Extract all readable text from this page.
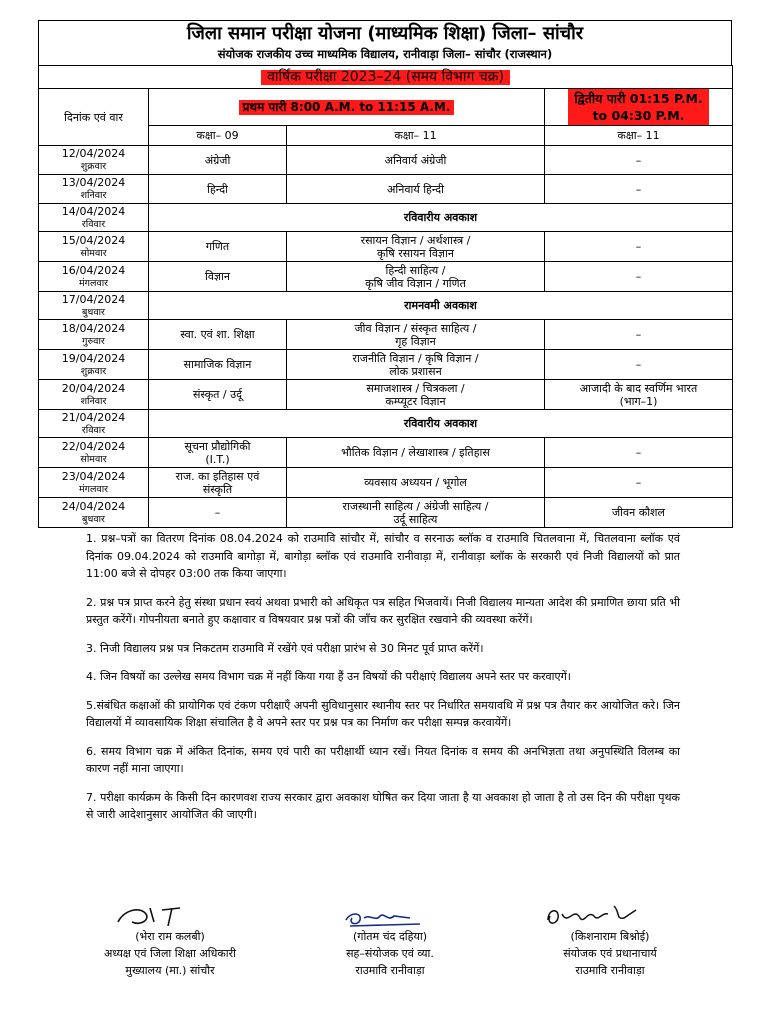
जिला समान परीक्षा योजना (माध्यमिक शिक्षा) जिला– सांचौर
संयोजक राजकीय उच्च माध्यमिक विद्यालय, रानीवाड़ा जिला– सांचौर (राजस्थान)
वार्षिक परीक्षा 2023–24 (समय विभाग चक्र)			
दिनांक एवं वार	प्रथम पारी 8:00 A.M. to 11:15 A.M.		द्वितीय पारी 01:15 P.M.
to 04:30 P.M.
	कक्षा– 09	कक्षा– 11	कक्षा– 11

12/04/2024
शुक्रवार	अंग्रेजी	अनिवार्य अंग्रेजी	–

13/04/2024
शनिवार	हिन्दी	अनिवार्य हिन्दी	–

14/04/2024
रविवार	रविवारीय अवकाश		

15/04/2024
सोमवार	गणित	रसायन विज्ञान / अर्थशास्त्र /
कृषि रसायन विज्ञान	–

16/04/2024
मंगलवार	विज्ञान	हिन्दी साहित्य /
कृषि जीव विज्ञान / गणित	–

17/04/2024
बुधवार	रामनवमी अवकाश		

18/04/2024
गुरुवार	स्वा. एवं शा. शिक्षा	जीव विज्ञान / संस्कृत साहित्य /
गृह विज्ञान	–

19/04/2024
शुक्रवार	सामाजिक विज्ञान	राजनीति विज्ञान / कृषि विज्ञान /
लोक प्रशासन	–

20/04/2024
शनिवार	संस्कृत / उर्दू	समाजशास्त्र / चित्रकला /
कम्प्यूटर विज्ञान	आजादी के बाद स्वर्णिम भारत
(भाग–1)

21/04/2024
रविवार	रविवारीय अवकाश		

22/04/2024
सोमवार	सूचना प्रौद्योगिकी
(I.T.)	भौतिक विज्ञान / लेखाशास्त्र / इतिहास	–

23/04/2024
मंगलवार	राज. का इतिहास एवं
संस्कृति	व्यवसाय अध्ययन / भूगोल	–

24/04/2024
बुधवार	–	राजस्थानी साहित्य / अंग्रेजी साहित्य /
उर्दू साहित्य	जीवन कौशल

1. प्रश्न–पत्रों का वितरण दिनांक 08.04.2024 को राउमावि सांचौर में, सांचौर व सरनाऊ ब्लॉक व राउमावि चितलवाना में, चितलवाना ब्लॉक एवं दिनांक 09.04.2024 को राउमावि बागोड़ा में, बागोड़ा ब्लॉक एवं राउमावि रानीवाड़ा में, रानीवाड़ा ब्लॉक के सरकारी एवं निजी विद्यालयों को प्रात 11:00 बजे से दोपहर 03:00 तक किया जाएगा।

2. प्रश्न पत्र प्राप्त करने हेतु संस्था प्रधान स्वयं अथवा प्रभारी को अधिकृत पत्र सहित भिजवायें। निजी विद्यालय मान्यता आदेश की प्रमाणित छाया प्रति भी प्रस्तुत करेंगें। गोपनीयता बनाते हुए कक्षावार व विषयवार प्रश्न पत्रों की जाँच कर सुरक्षित रखवाने की व्यवस्था करेंगें।

3. निजी विद्यालय प्रश्न पत्र निकटतम राउमावि में रखेंगे एवं परीक्षा प्रारंभ से 30 मिनट पूर्व प्राप्त करेंगें।

4. जिन विषयों का उल्लेख समय विभाग चक्र में नहीं किया गया हैं उन विषयों की परीक्षाएं विद्यालय अपने स्तर पर करवाएगें।

5.संबंधित कक्षाओं की प्रायोगिक एवं टंकण परीक्षाएँ अपनी सुविधानुसार स्थानीय स्तर पर निर्धारित समयावधि में प्रश्न पत्र तैयार कर आयोजित करे। जिन विद्यालयों में व्यावसायिक शिक्षा संचालित है वे अपने स्तर पर प्रश्न पत्र का निर्माण कर परीक्षा सम्पन्न करवायेंगें।

6. समय विभाग चक्र में अंकित दिनांक, समय एवं पारी का परीक्षार्थी ध्यान रखें। नियत दिनांक व समय की अनभिज्ञता तथा अनुपस्थिति विलम्ब का कारण नहीं माना जाएगा।

7. परीक्षा कार्यक्रम के किसी दिन कारणवश राज्य सरकार द्वारा अवकाश घोषित कर दिया जाता है या अवकाश हो जाता है तो उस दिन की परीक्षा पृथक से जारी आदेशानुसार आयोजित की जाएगी।

(भेरा राम कलबी)
अध्यक्ष एवं जिला शिक्षा अधिकारी
मुख्यालय (मा.) सांचौर
(गोतम चंद दहिया)
सह–संयोजक एवं व्या.
राउमावि रानीवाड़ा
(किशनाराम बिश्नोई)
संयोजक एवं प्रधानाचार्य
राउमावि रानीवाड़ा
